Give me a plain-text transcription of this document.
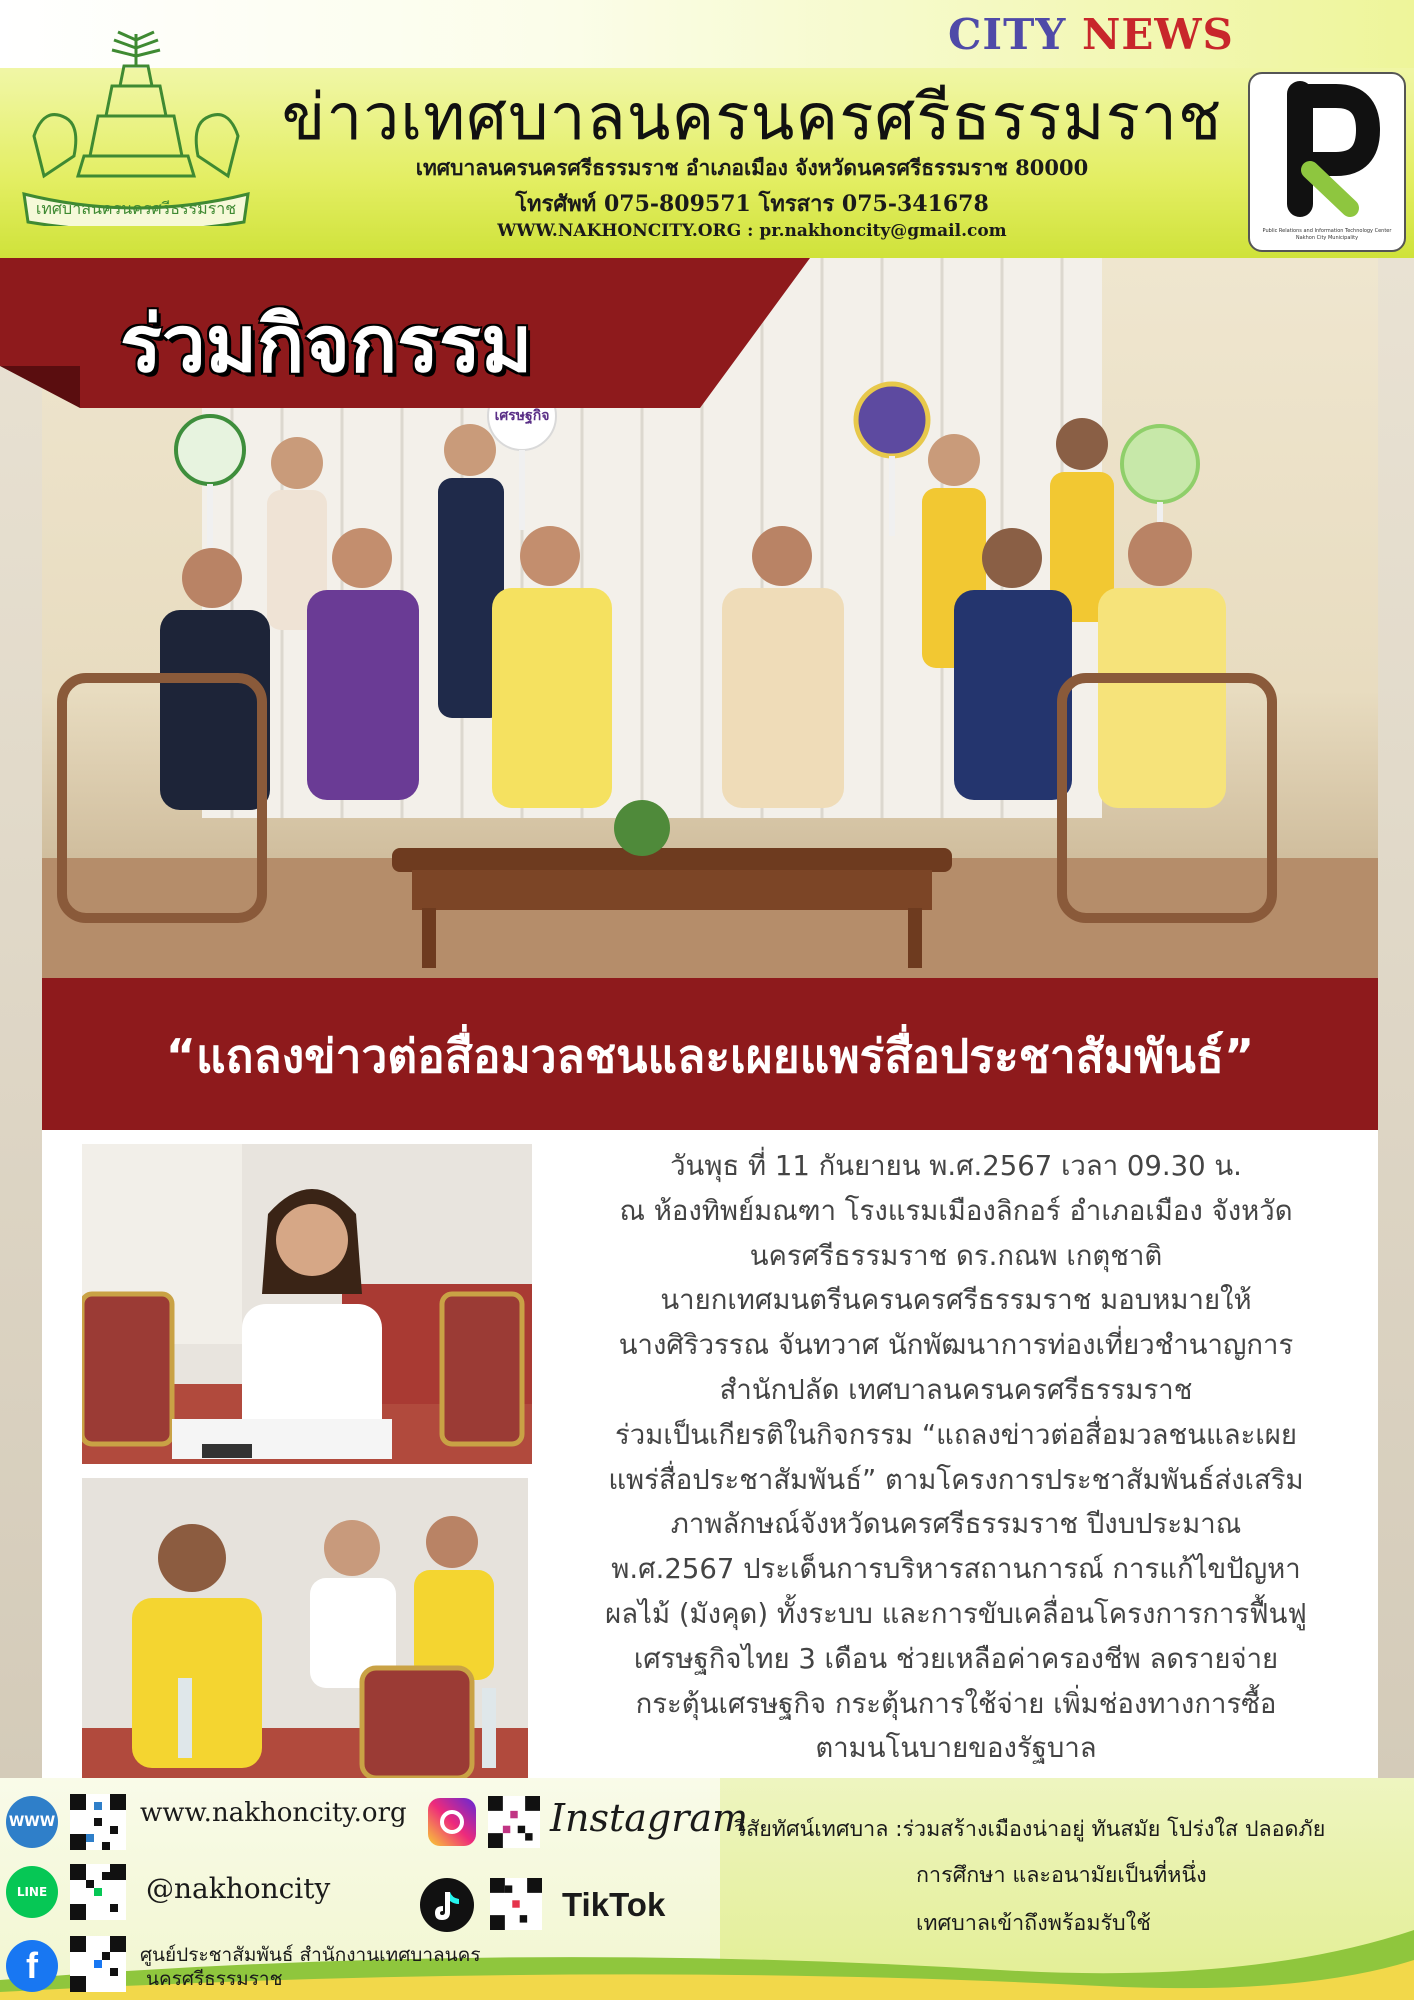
เทศบาลนครนครศรีธรรมราช
CITY NEWS
ข่าวเทศบาลนครนครศรีธรรมราช
เทศบาลนครนครศรีธรรมราช อำเภอเมือง จังหวัดนครศรีธรรมราช 80000
โทรศัพท์ 075-809571 โทรสาร 075-341678
WWW.NAKHONCITY.ORG : pr.nakhoncity@gmail.com	Public Relations and Information Technology Center Nakhon City Municipality
เศรษฐกิจ
ร่วมกิจกรรม
“แถลงข่าวต่อสื่อมวลชนและเผยแพร่สื่อประชาสัมพันธ์”
วันพุธ ที่ 11 กันยายน พ.ศ.2567 เวลา 09.30 น.
ณ ห้องทิพย์มณฑา โรงแรมเมืองลิกอร์ อำเภอเมือง จังหวัด
นครศรีธรรมราช ดร.กณพ เกตุชาติ
นายกเทศมนตรีนครนครศรีธรรมราช มอบหมายให้
นางศิริวรรณ จันทวาศ นักพัฒนาการท่องเที่ยวชำนาญการ
สำนักปลัด เทศบาลนครนครศรีธรรมราช
ร่วมเป็นเกียรติในกิจกรรม “แถลงข่าวต่อสื่อมวลชนและเผย
แพร่สื่อประชาสัมพันธ์” ตามโครงการประชาสัมพันธ์ส่งเสริม
ภาพลักษณ์จังหวัดนครศรีธรรมราช ปีงบประมาณ
พ.ศ.2567 ประเด็นการบริหารสถานการณ์ การแก้ไขปัญหา
ผลไม้ (มังคุด) ทั้งระบบ และการขับเคลื่อนโครงการการฟื้นฟู
เศรษฐกิจไทย 3 เดือน ช่วยเหลือค่าครองชีพ ลดรายจ่าย
กระตุ้นเศรษฐกิจ กระตุ้นการใช้จ่าย เพิ่มช่องทางการซื้อ
ตามนโนบายของรัฐบาล
WWW	www.nakhoncity.org	Instagram
LINE	@nakhoncity	TikTok
f	ศูนย์ประชาสัมพันธ์ สำนักงานเทศบาลนคร
นครศรีธรรมราช
วิสัยทัศน์เทศบาล :ร่วมสร้างเมืองน่าอยู่ ทันสมัย โปร่งใส ปลอดภัย
การศึกษา และอนามัยเป็นที่หนึ่ง
เทศบาลเข้าถึงพร้อมรับใช้
